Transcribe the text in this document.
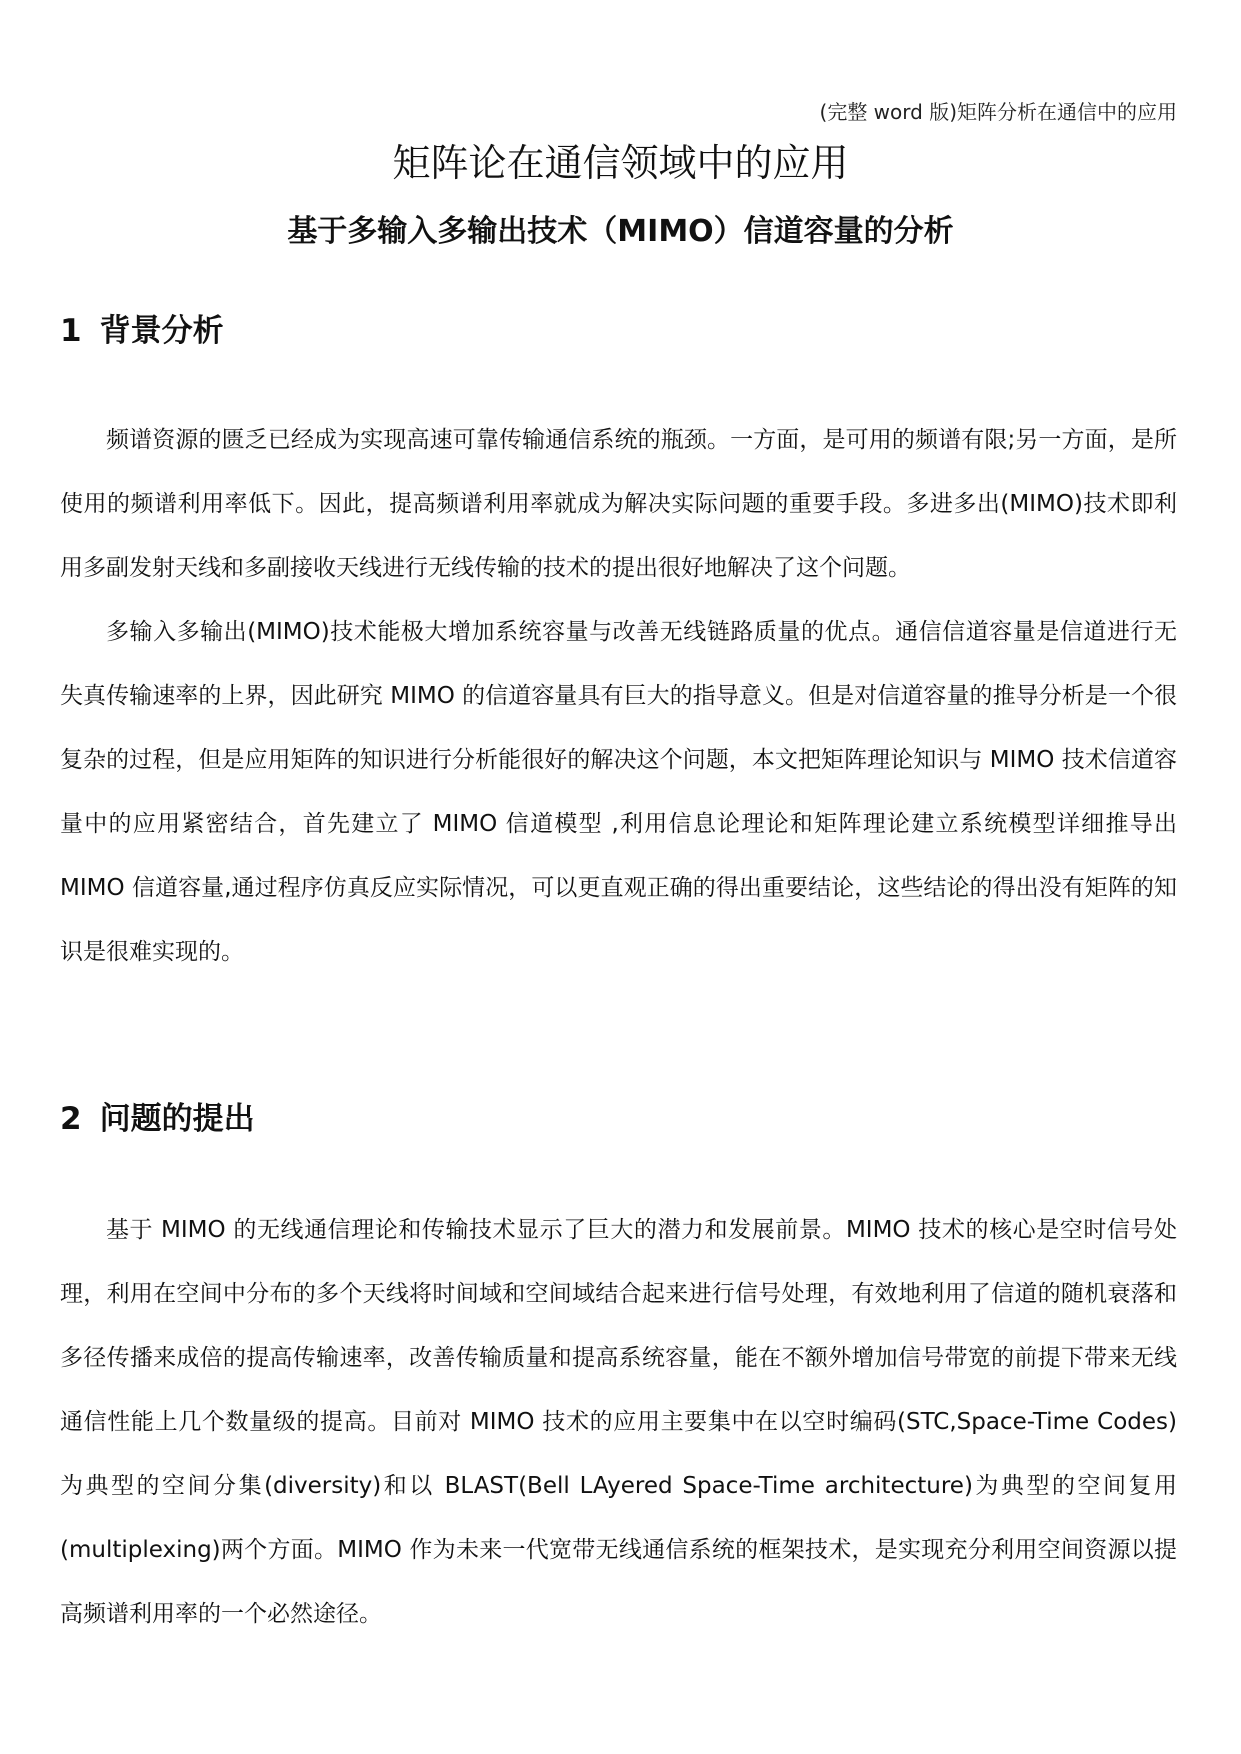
(完整 word 版)矩阵分析在通信中的应用
矩阵论在通信领域中的应用
基于多输入多输出技术（MIMO）信道容量的分析
1 背景分析

频谱资源的匮乏已经成为实现高速可靠传输通信系统的瓶颈。一方面，是可用的频谱有限;另一方面，是所使用的频谱利用率低下。因此，提高频谱利用率就成为解决实际问题的重要手段。多进多出(MIMO)技术即利用多副发射天线和多副接收天线进行无线传输的技术的提出很好地解决了这个问题。

多输入多输出(MIMO)技术能极大增加系统容量与改善无线链路质量的优点。通信信道容量是信道进行无失真传输速率的上界，因此研究 MIMO 的信道容量具有巨大的指导意义。但是对信道容量的推导分析是一个很复杂的过程，但是应用矩阵的知识进行分析能很好的解决这个问题，本文把矩阵理论知识与 MIMO 技术信道容量中的应用紧密结合，首先建立了 MIMO 信道模型 ,利用信息论理论和矩阵理论建立系统模型详细推导出 MIMO 信道容量,通过程序仿真反应实际情况，可以更直观正确的得出重要结论，这些结论的得出没有矩阵的知识是很难实现的。

2 问题的提出

基于 MIMO 的无线通信理论和传输技术显示了巨大的潜力和发展前景。MIMO 技术的核心是空时信号处理，利用在空间中分布的多个天线将时间域和空间域结合起来进行信号处理，有效地利用了信道的随机衰落和多径传播来成倍的提高传输速率，改善传输质量和提高系统容量，能在不额外增加信号带宽的前提下带来无线通信性能上几个数量级的提高。目前对 MIMO 技术的应用主要集中在以空时编码(STC,Space-Time Codes)为典型的空间分集(diversity)和以 BLAST(Bell LAyered Space-Time architecture)为典型的空间复用(multiplexing)两个方面。MIMO 作为未来一代宽带无线通信系统的框架技术，是实现充分利用空间资源以提高频谱利用率的一个必然途径。
